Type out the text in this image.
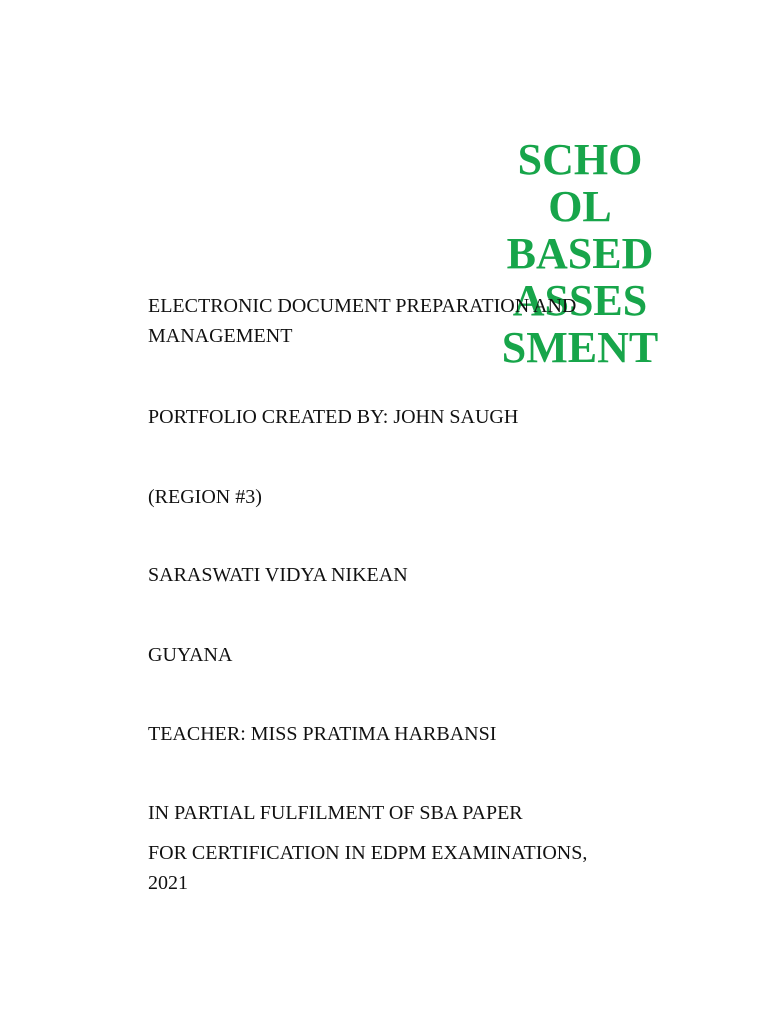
SCHO
OL
BASED
ASSES
SMENT

ELECTRONIC DOCUMENT PREPARATION AND

MANAGEMENT

PORTFOLIO CREATED BY: JOHN SAUGH

(REGION #3)

SARASWATI VIDYA NIKEAN

GUYANA

TEACHER: MISS PRATIMA HARBANSI

IN PARTIAL FULFILMENT OF SBA PAPER

FOR CERTIFICATION IN EDPM EXAMINATIONS,

2021
